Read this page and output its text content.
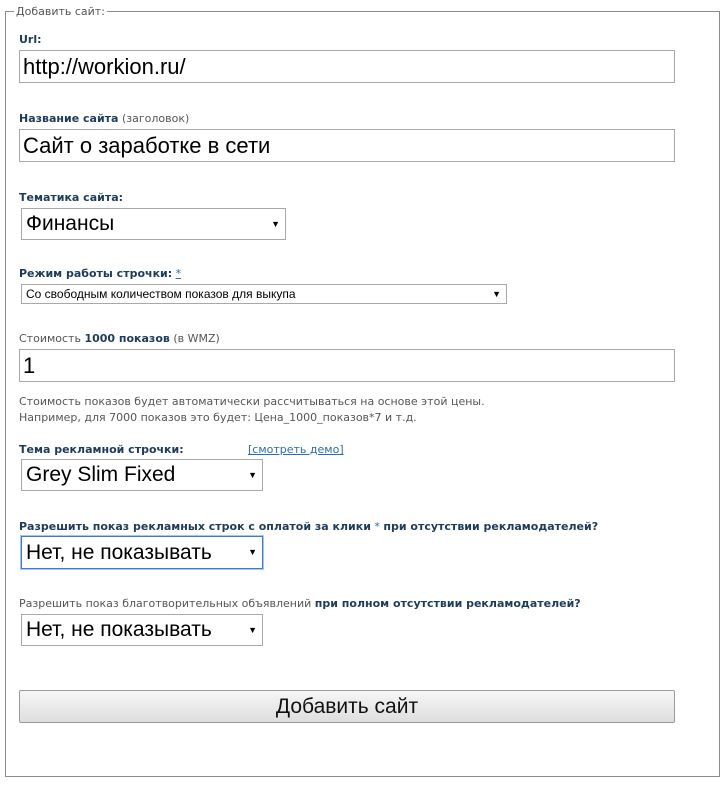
Добавить сайт:
Url:
http://workion.ru/
Название сайта (заголовок)
Сайт о заработке в сети
Тематика сайта:
Финансы	▼
Режим работы строчки: *
Со свободным количеством показов для выкупа	▼
Стоимость 1000 показов (в WMZ)
1
Стоимость показов будет автоматически рассчитываться на основе этой цены.
Например, для 7000 показов это будет: Цена_1000_показов*7 и т.д.
Тема рекламной строчки:	[смотреть демо]
Grey Slim Fixed	▼
Разрешить показ рекламных строк с оплатой за клики * при отсутствии рекламодателей?
Нет, не показывать	▼
Разрешить показ благотворительных объявлений при полном отсутствии рекламодателей?
Нет, не показывать	▼
Добавить сайт
